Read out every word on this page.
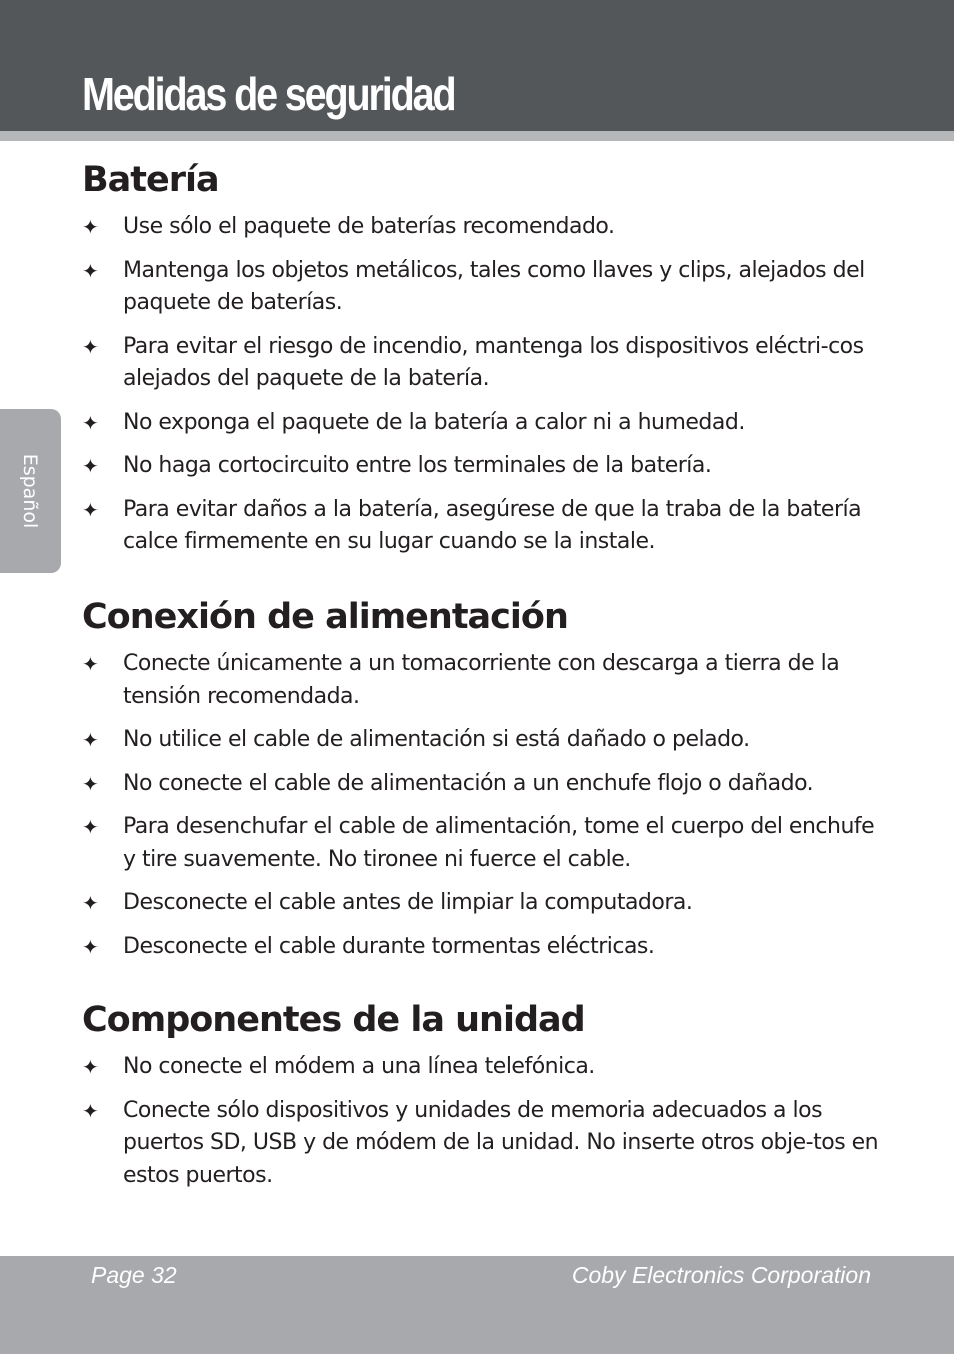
Medidas de seguridad
Español
Batería
✦ Use sólo el paquete de baterías recomendado.
✦ Mantenga los objetos metálicos, tales como llaves y clips, alejados del paquete de baterías.
✦ Para evitar el riesgo de incendio, mantenga los dispositivos eléctri-cos alejados del paquete de la batería.
✦ No exponga el paquete de la batería a calor ni a humedad.
✦ No haga cortocircuito entre los terminales de la batería.
✦ Para evitar daños a la batería, asegúrese de que la traba de la batería calce firmemente en su lugar cuando se la instale.
Conexión de alimentación
✦ Conecte únicamente a un tomacorriente con descarga a tierra de la tensión recomendada.
✦ No utilice el cable de alimentación si está dañado o pelado.
✦ No conecte el cable de alimentación a un enchufe flojo o dañado.
✦ Para desenchufar el cable de alimentación, tome el cuerpo del enchufe y tire suavemente. No tironee ni fuerce el cable.
✦ Desconecte el cable antes de limpiar la computadora.
✦ Desconecte el cable durante tormentas eléctricas.
Componentes de la unidad
✦ No conecte el módem a una línea telefónica.
✦ Conecte sólo dispositivos y unidades de memoria adecuados a los puertos SD, USB y de módem de la unidad. No inserte otros obje-tos en estos puertos.
Page 32	Coby Electronics Corporation
